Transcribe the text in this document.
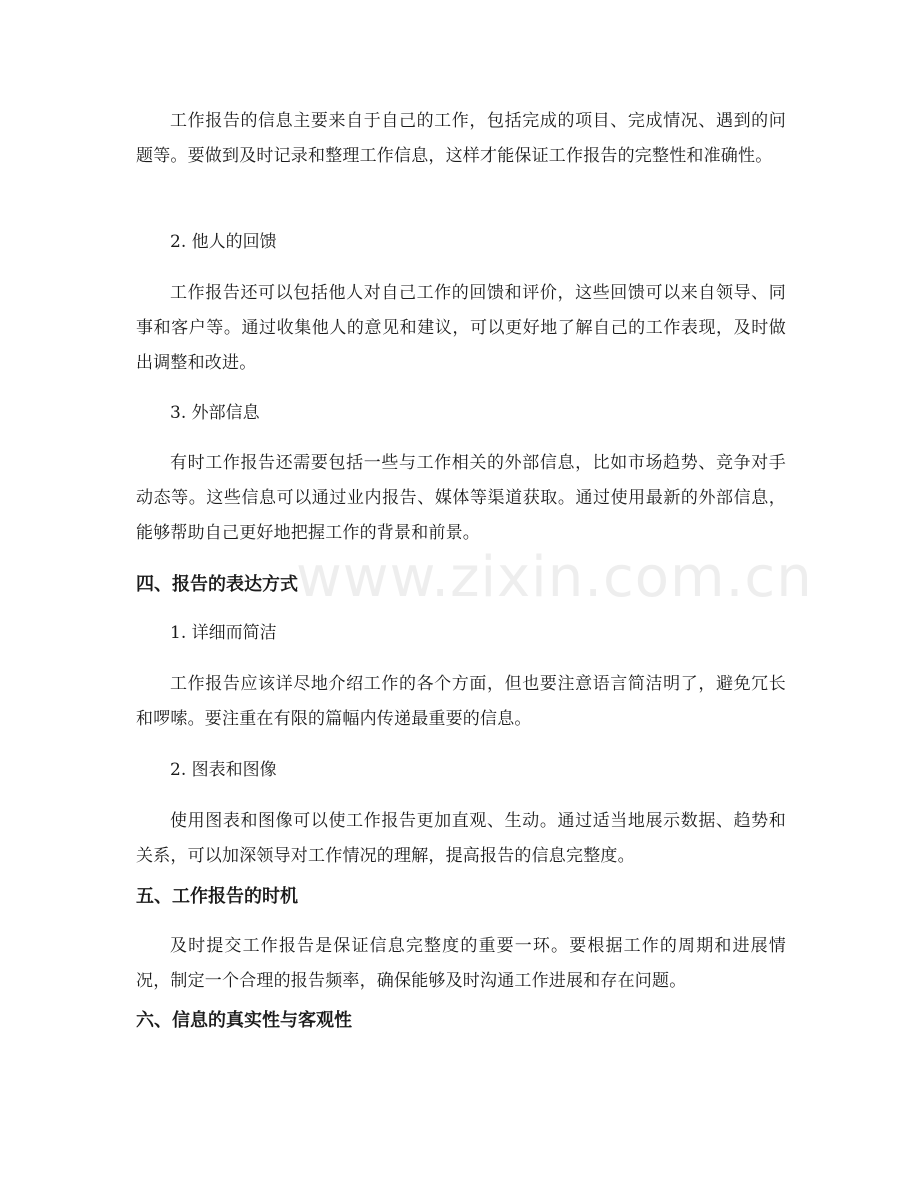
工作报告的信息主要来自于自己的工作，包括完成的项目、完成情况、遇到的问题等。要做到及时记录和整理工作信息，这样才能保证工作报告的完整性和准确性。

2. 他人的回馈

工作报告还可以包括他人对自己工作的回馈和评价，这些回馈可以来自领导、同事和客户等。通过收集他人的意见和建议，可以更好地了解自己的工作表现，及时做出调整和改进。

3. 外部信息

有时工作报告还需要包括一些与工作相关的外部信息，比如市场趋势、竞争对手动态等。这些信息可以通过业内报告、媒体等渠道获取。通过使用最新的外部信息，能够帮助自己更好地把握工作的背景和前景。

四、报告的表达方式

1. 详细而简洁

工作报告应该详尽地介绍工作的各个方面，但也要注意语言简洁明了，避免冗长和啰嗦。要注重在有限的篇幅内传递最重要的信息。

2. 图表和图像

使用图表和图像可以使工作报告更加直观、生动。通过适当地展示数据、趋势和关系，可以加深领导对工作情况的理解，提高报告的信息完整度。

五、工作报告的时机

及时提交工作报告是保证信息完整度的重要一环。要根据工作的周期和进展情况，制定一个合理的报告频率，确保能够及时沟通工作进展和存在问题。

六、信息的真实性与客观性

www.zixin.com.cn
